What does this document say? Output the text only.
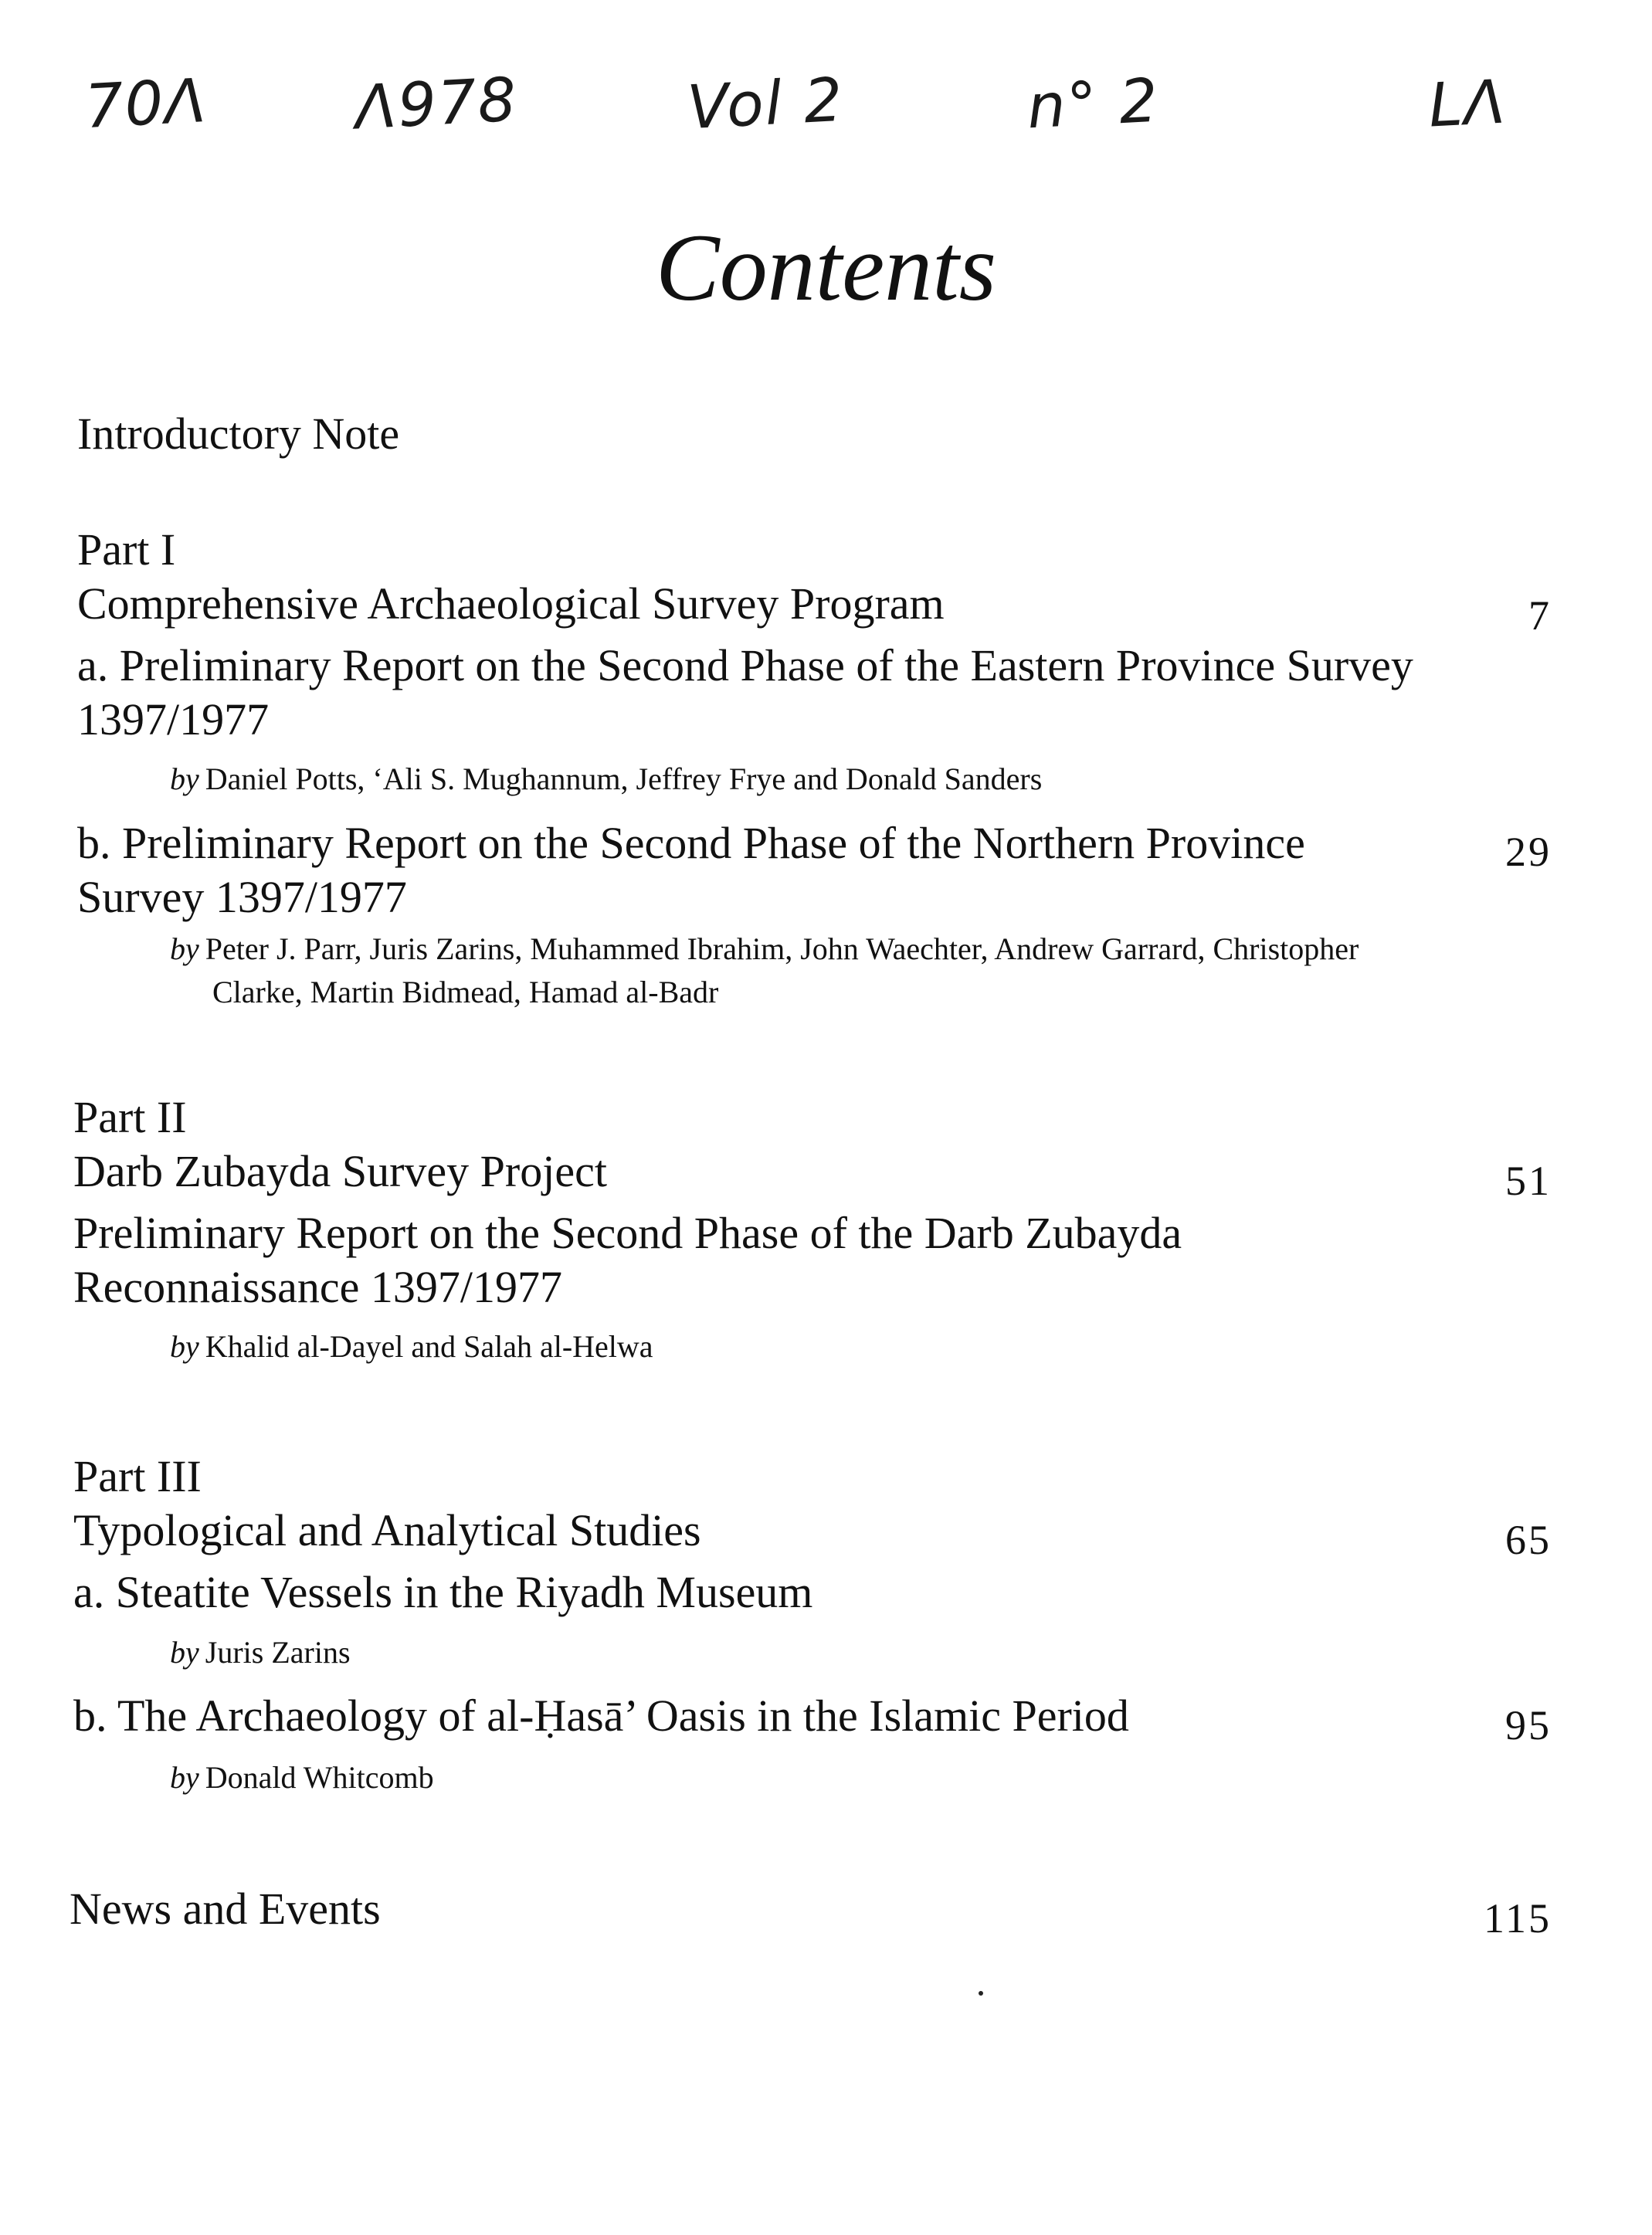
70Λ Λ978	Vol 2	n° 2	LΛ
Contents
Introductory Note
Part I
Comprehensive Archaeological Survey Program	7
a. Preliminary Report on the Second Phase of the Eastern Province Survey
1397/1977
by Daniel Potts, ‘Ali S. Mughannum, Jeffrey Frye and Donald Sanders
b. Preliminary Report on the Second Phase of the Northern Province	29
Survey 1397/1977
by Peter J. Parr, Juris Zarins, Muhammed Ibrahim, John Waechter, Andrew Garrard, Christopher
Clarke, Martin Bidmead, Hamad al-Badr
Part II
Darb Zubayda Survey Project	51
Preliminary Report on the Second Phase of the Darb Zubayda
Reconnaissance 1397/1977
by Khalid al-Dayel and Salah al-Helwa
Part III
Typological and Analytical Studies	65
a. Steatite Vessels in the Riyadh Museum
by Juris Zarins
b. The Archaeology of al-Ḥasā’ Oasis in the Islamic Period	95
by Donald Whitcomb
News and Events	115
